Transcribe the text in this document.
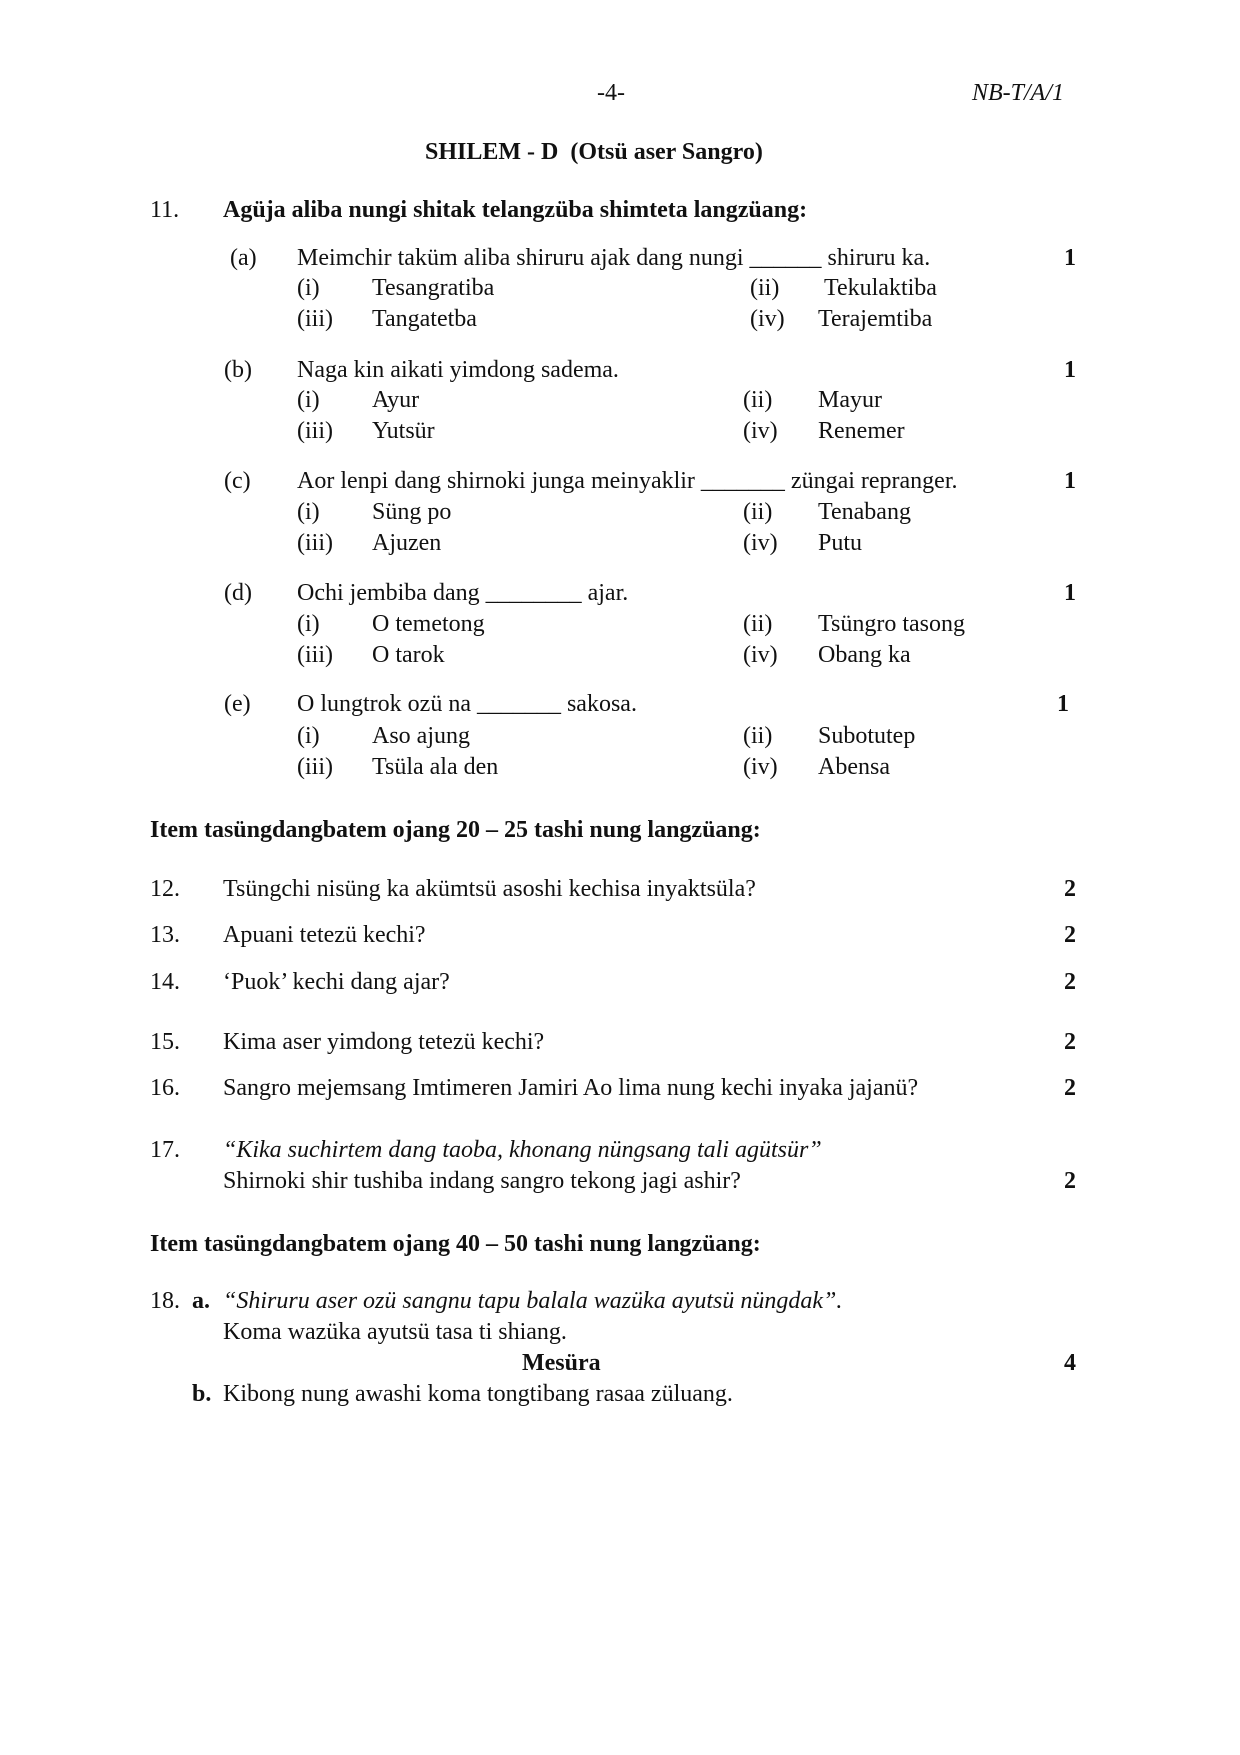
-4-	NB-T/A/1
SHILEM - D  (Otsü aser Sangro)
11. Agüja aliba nungi shitak telangzüba shimteta langzüang:
(a) Meimchir taküm aliba shiruru ajak dang nungi ______ shiruru ka.	1
(i) Tesangratiba	(ii) Tekulaktiba
(iii) Tangatetba	(iv) Terajemtiba
(b) Naga kin aikati yimdong sadema.	1
(i) Ayur	(ii) Mayur
(iii) Yutsür	(iv) Renemer
(c) Aor lenpi dang shirnoki junga meinyaklir _______ züngai repranger.	1
(i) Süng po	(ii) Tenabang
(iii) Ajuzen	(iv) Putu
(d) Ochi jembiba dang ________ ajar.	1
(i) O temetong	(ii) Tsüngro tasong
(iii) O tarok	(iv) Obang ka
(e) O lungtrok ozü na _______ sakosa.	1
(i) Aso ajung	(ii) Subotutep
(iii) Tsüla ala den	(iv) Abensa
Item tasüngdangbatem ojang 20 – 25 tashi nung langzüang:
12. Tsüngchi nisüng ka akümtsü asoshi kechisa inyaktsüla?	2
13. Apuani tetezü kechi?	2
14. ‘Puok’ kechi dang ajar?	2
15. Kima aser yimdong tetezü kechi?	2
16. Sangro mejemsang Imtimeren Jamiri Ao lima nung kechi inyaka jajanü?	2
17. “Kika suchirtem dang taoba, khonang nüngsang tali agütsür”
Shirnoki shir tushiba indang sangro tekong jagi ashir?	2
Item tasüngdangbatem ojang 40 – 50 tashi nung langzüang:
18. a. “Shiruru aser ozü sangnu tapu balala wazüka ayutsü nüngdak”.
Koma wazüka ayutsü tasa ti shiang.
Mesüra	4
b. Kibong nung awashi koma tongtibang rasaa züluang.
